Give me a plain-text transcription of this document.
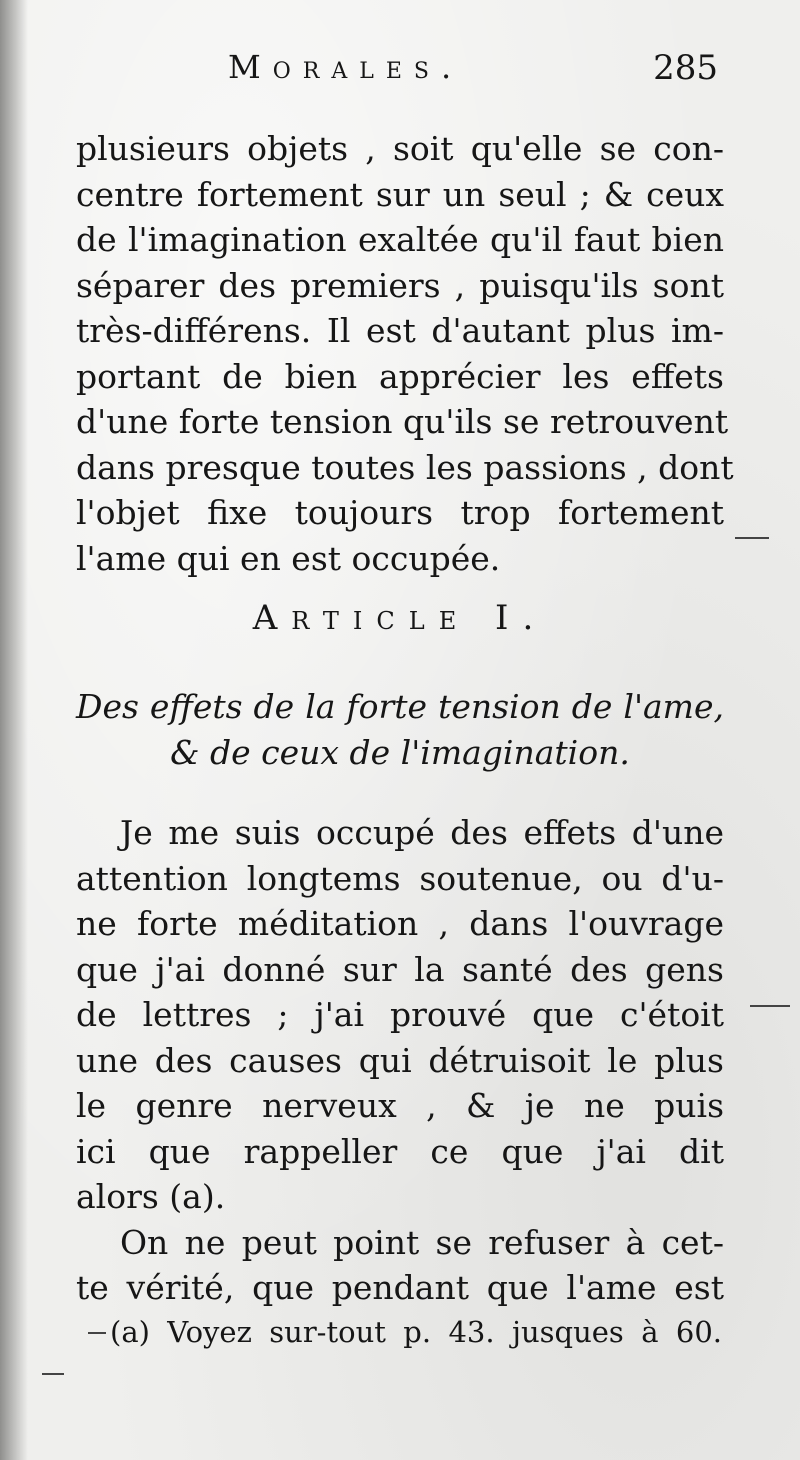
Morales.	285
plusieurs objets , soit qu'elle se con-
centre fortement sur un seul ; & ceux
de l'imagination exaltée qu'il faut bien
séparer des premiers , puisqu'ils sont
très-différens. Il est d'autant plus im-
portant de bien apprécier les effets
d'une forte tension qu'ils se retrouvent
dans presque toutes les passions , dont
l'objet fixe toujours trop fortement
l'ame qui en est occupée.
Article I.
Des effets de la forte tension de l'ame,
& de ceux de l'imagination.
Je me suis occupé des effets d'une
attention longtems soutenue, ou d'u-
ne forte méditation , dans l'ouvrage
que j'ai donné sur la santé des gens
de lettres ; j'ai prouvé que c'étoit
une des causes qui détruisoit le plus
le genre nerveux , & je ne puis
ici que rappeller ce que j'ai dit
alors (a).
On ne peut point se refuser à cet-
te vérité, que pendant que l'ame est
(a) Voyez sur-tout p. 43. jusques à 60.
